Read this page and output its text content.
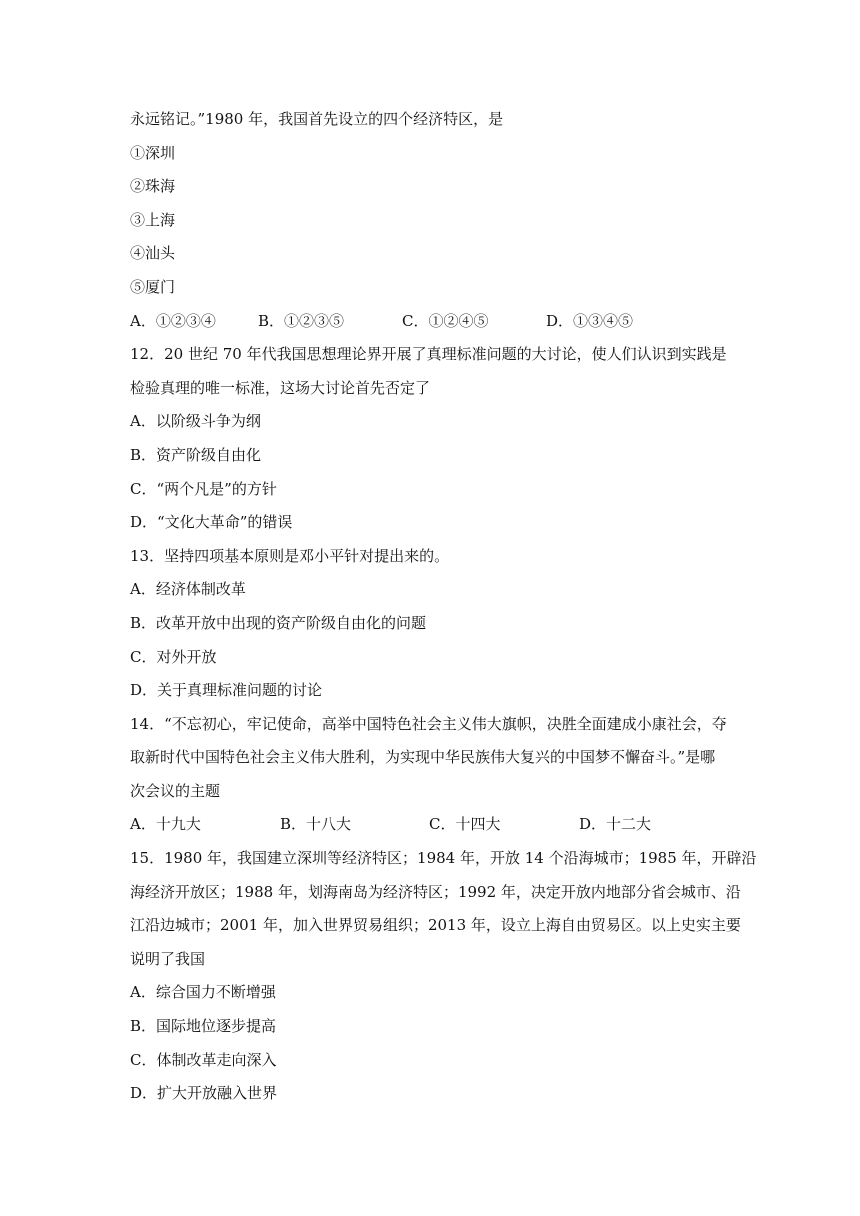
永远铭记。”1980 年，我国首先设立的四个经济特区，是
①深圳
②珠海
③上海
④汕头
⑤厦门
A．①②③④	B．①②③⑤	C．①②④⑤	D．①③④⑤
12．20 世纪 70 年代我国思想理论界开展了真理标准问题的大讨论，使人们认识到实践是
检验真理的唯一标准，这场大讨论首先否定了
A．以阶级斗争为纲
B．资产阶级自由化
C．“两个凡是”的方针
D．“文化大革命”的错误
13．坚持四项基本原则是邓小平针对提出来的。
A．经济体制改革
B．改革开放中出现的资产阶级自由化的问题
C．对外开放
D．关于真理标准问题的讨论
14．“不忘初心，牢记使命，高举中国特色社会主义伟大旗帜，决胜全面建成小康社会，夺
取新时代中国特色社会主义伟大胜利，为实现中华民族伟大复兴的中国梦不懈奋斗。”是哪
次会议的主题
A．十九大	B．十八大	C．十四大	D．十二大
15．1980 年，我国建立深圳等经济特区；1984 年，开放 14 个沿海城市；1985 年，开辟沿
海经济开放区；1988 年，划海南岛为经济特区；1992 年，决定开放内地部分省会城市、沿
江沿边城市；2001 年，加入世界贸易组织；2013 年，设立上海自由贸易区。以上史实主要
说明了我国
A．综合国力不断增强
B．国际地位逐步提高
C．体制改革走向深入
D．扩大开放融入世界
